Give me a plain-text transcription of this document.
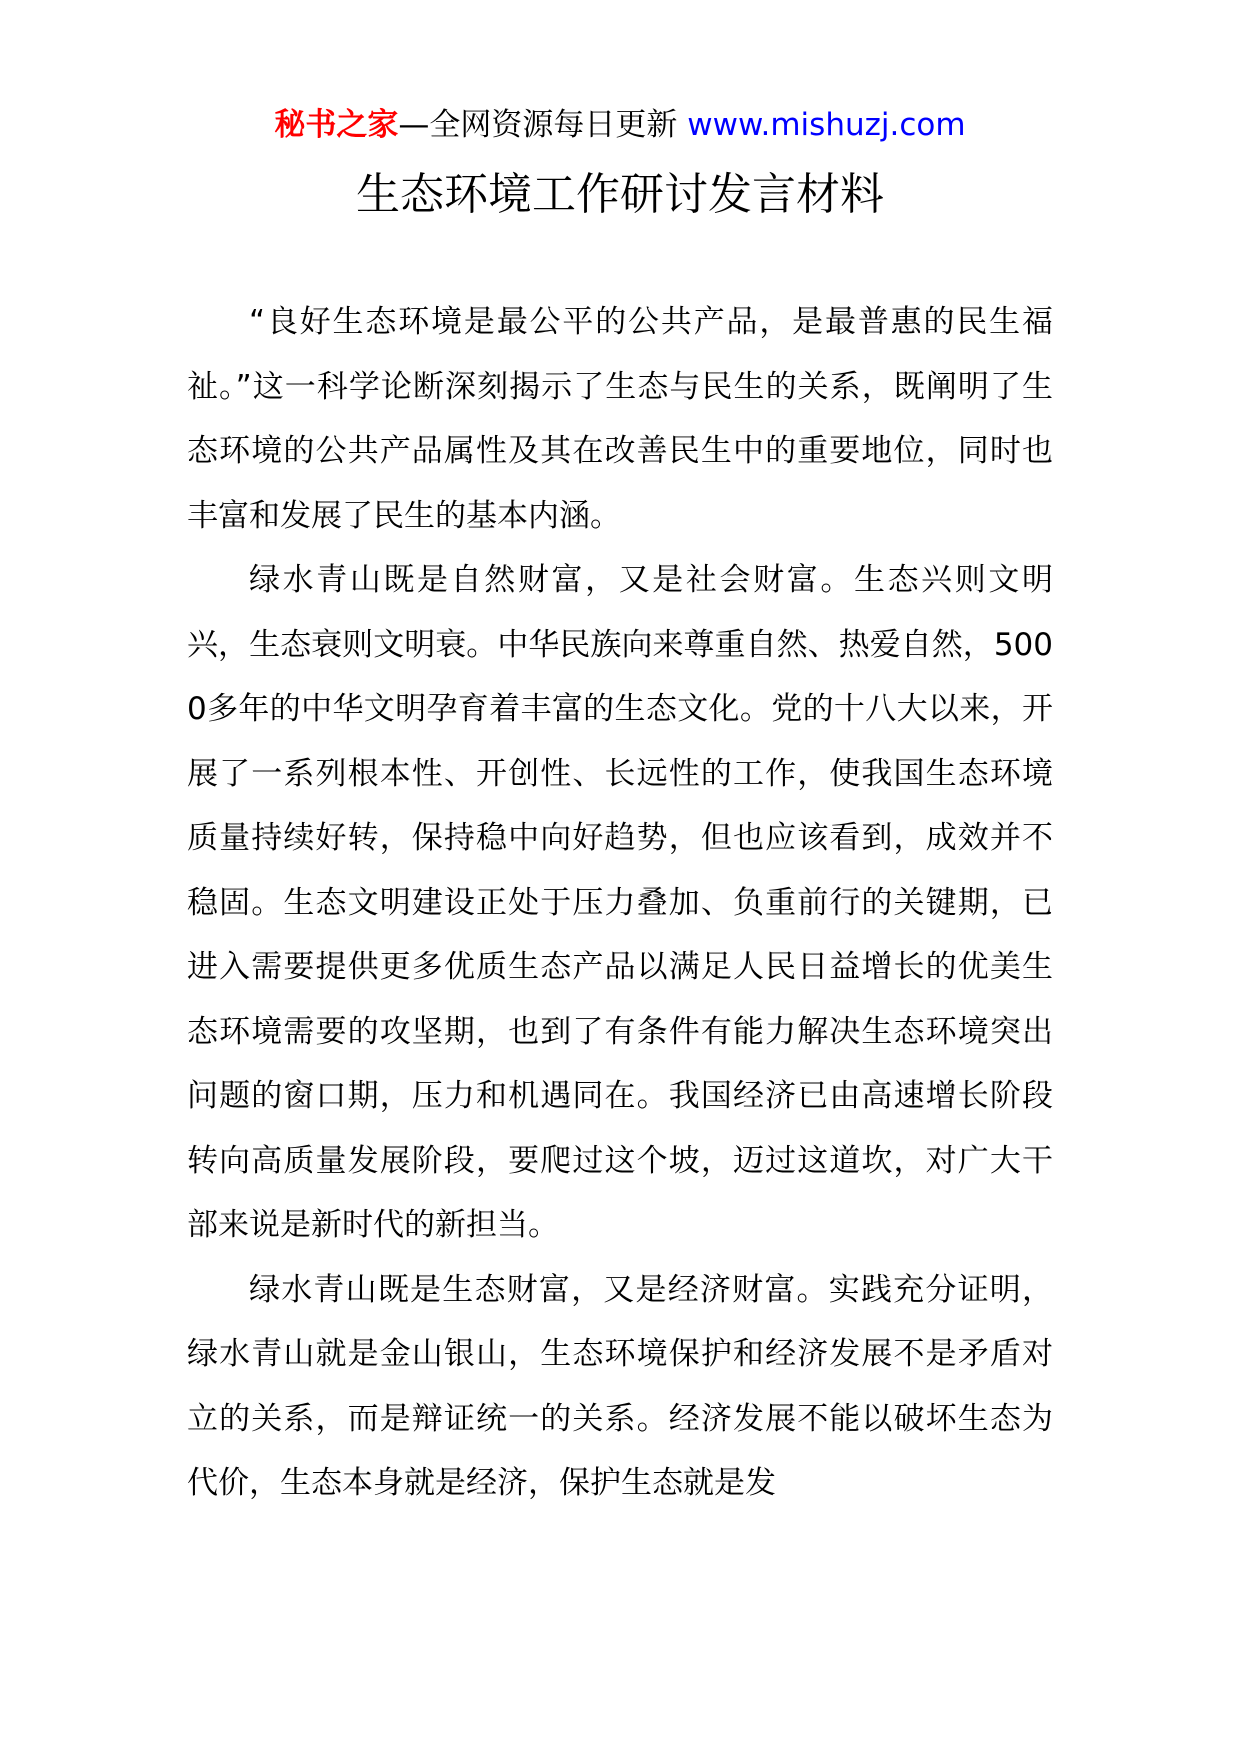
秘书之家—全网资源每日更新 www.mishuzj.com
生态环境工作研讨发言材料

“良好生态环境是最公平的公共产品，是最普惠的民生福祉。”这一科学论断深刻揭示了生态与民生的关系，既阐明了生态环境的公共产品属性及其在改善民生中的重要地位，同时也丰富和发展了民生的基本内涵。

绿水青山既是自然财富，又是社会财富。生态兴则文明兴，生态衰则文明衰。中华民族向来尊重自然、热爱自然，5000多年的中华文明孕育着丰富的生态文化。党的十八大以来，开展了一系列根本性、开创性、长远性的工作，使我国生态环境质量持续好转，保持稳中向好趋势，但也应该看到，成效并不稳固。生态文明建设正处于压力叠加、负重前行的关键期，已进入需要提供更多优质生态产品以满足人民日益增长的优美生态环境需要的攻坚期，也到了有条件有能力解决生态环境突出问题的窗口期，压力和机遇同在。我国经济已由高速增长阶段转向高质量发展阶段，要爬过这个坡，迈过这道坎，对广大干部来说是新时代的新担当。

绿水青山既是生态财富，又是经济财富。实践充分证明，绿水青山就是金山银山，生态环境保护和经济发展不是矛盾对立的关系，而是辩证统一的关系。经济发展不能以破坏生态为代价，生态本身就是经济，保护生态就是发
